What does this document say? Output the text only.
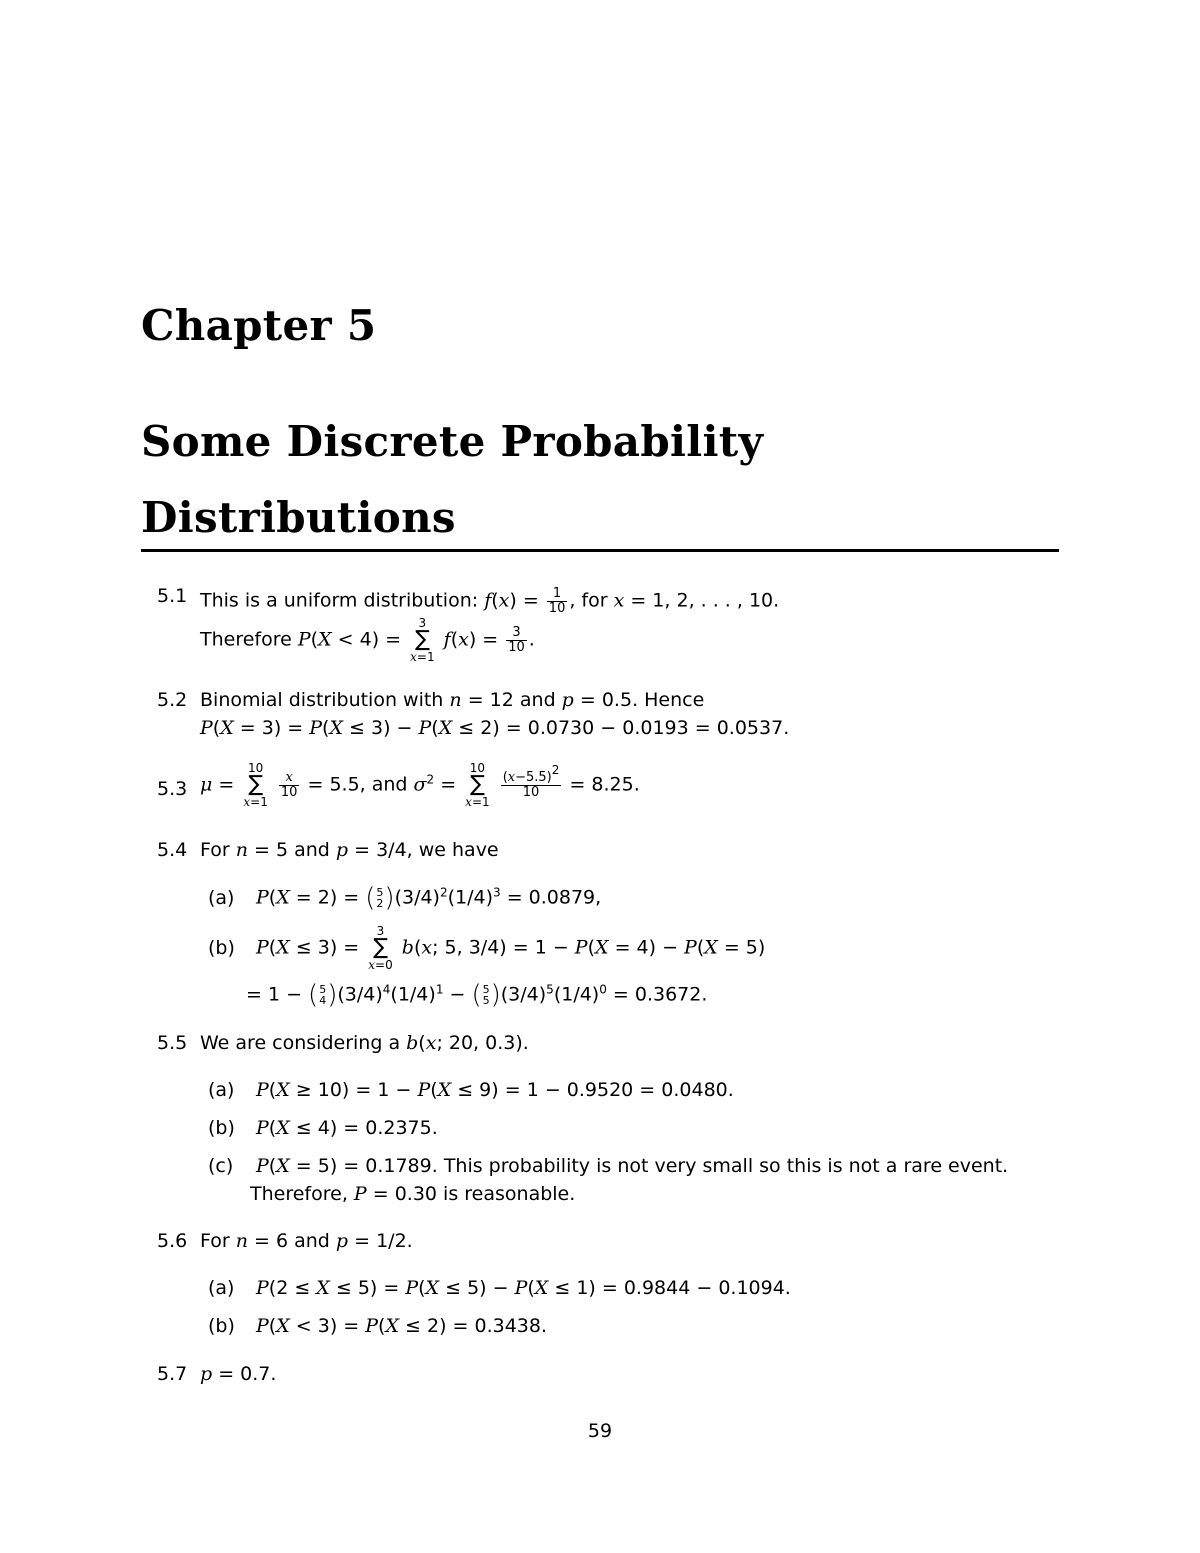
Chapter 5
Some Discrete Probability
Distributions
5.1 This is a uniform distribution: $f(x) = \frac{1}{10}$ , for x = 1, 2, . . . , 10.
Therefore P(X < 4) =
3
∑
x=1
$f(x) = \frac{3}{10}$ .
5.2 Binomial distribution with n = 12 and p = 0.5. Hence
P(X = 3) = P(X ≤ 3) − P(X ≤ 2) = 0.0730 − 0.0193 = 0.0537.
5.3 μ =
10
∑
x=1

$\frac{x}{10} = 5.5$, and $\sigma^2$ =
10
∑
x=1

$\frac{(x-5.5)^2}{10} = 8.25$.
5.4 For n = 5 and p = 3/4, we have
(a) P(X = 2) = ( 5
2 )$(3/4)^2(1/4)^3 = 0.0879$,
(b) P(X ≤ 3) =
3
∑
x=0
b(x; 5, 3/4) = 1 − P(X = 4) − P(X = 5)
= 1 − ( 5
4 )$(3/4)^4(1/4)^1$ − ( 5
5 )$(3/4)^5(1/4)^0 = 0.3672$.
5.5 We are considering a b(x; 20, 0.3).
(a) P(X ≥ 10) = 1 − P(X ≤ 9) = 1 − 0.9520 = 0.0480.
(b) P(X ≤ 4) = 0.2375.
(c) P(X = 5) = 0.1789. This probability is not very small so this is not a rare event.
Therefore, P = 0.30 is reasonable.
5.6 For n = 6 and p = 1/2.
(a) P(2 ≤ X ≤ 5) = P(X ≤ 5) − P(X ≤ 1) = 0.9844 − 0.1094.
(b) P(X < 3) = P(X ≤ 2) = 0.3438.
5.7 p = 0.7.
59
